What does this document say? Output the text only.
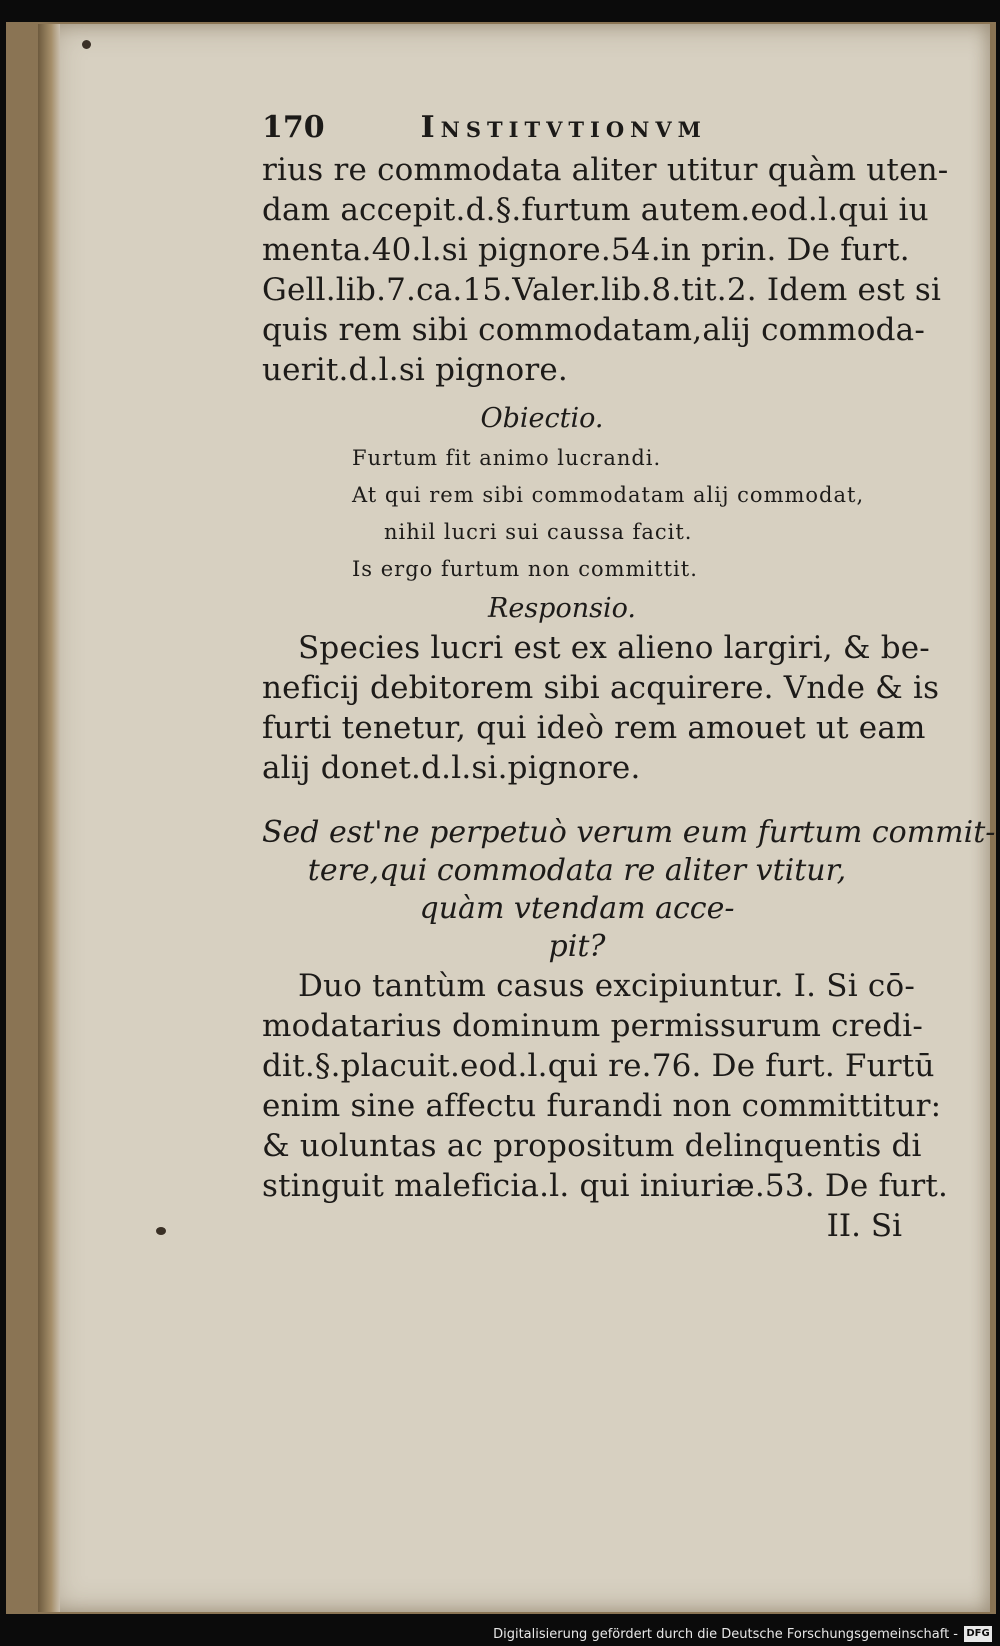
170	Institvtionvm
rius re commodata aliter utitur quàm uten-
dam accepit.d.§.furtum autem.eod.l.qui iu
menta.40.l.si pignore.54.in prin. De furt.
Gell.lib.7.ca.15.Valer.lib.8.tit.2. Idem est si
quis rem sibi commodatam,alij commoda-
uerit.d.l.si pignore.
Obiectio.
Furtum fit animo lucrandi.
At qui rem sibi commodatam alij commodat,
nihil lucri sui caussa facit.
Is ergo furtum non committit.
Responsio.
Species lucri est ex alieno largiri, & be-
neficij debitorem sibi acquirere. Vnde & is
furti tenetur, qui ideò rem amouet ut eam
alij donet.d.l.si.pignore.
Sed est'ne perpetuò verum eum furtum commit-
tere,qui commodata re aliter vtitur,
quàm vtendam acce-
pit?
Duo tantùm casus excipiuntur. I. Si cō-
modatarius dominum permissurum credi-
dit.§.placuit.eod.l.qui re.76. De furt. Furtū
enim sine affectu furandi non committitur:
& uoluntas ac propositum delinquentis di
stinguit maleficia.l. qui iniuriæ.53. De furt.
II. Si
Digitalisierung gefördert durch die Deutsche Forschungsgemeinschaft - DFG
